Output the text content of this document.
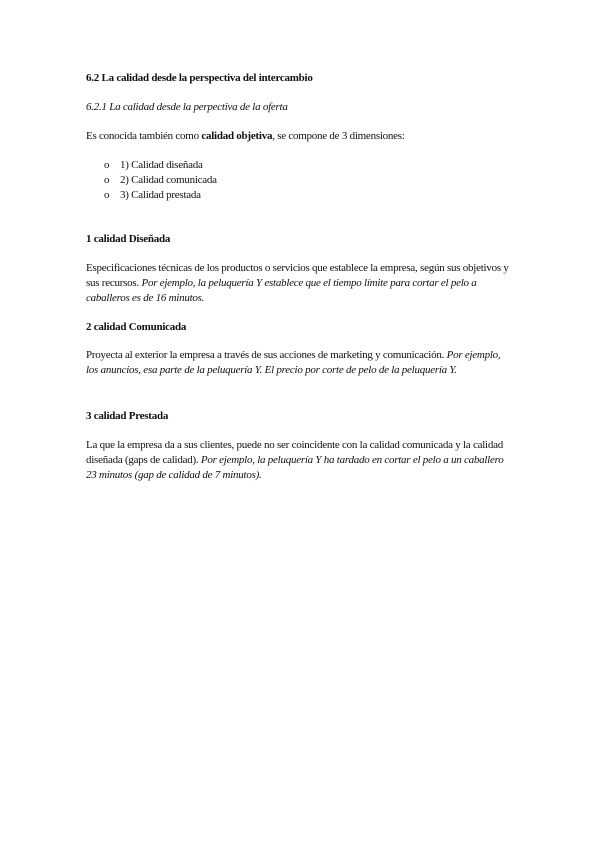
6.2 La calidad desde la perspectiva del intercambio
6.2.1 La calidad desde la perpectiva de la oferta
Es conocida también como calidad objetiva, se compone de 3 dimensiones:
o 1) Calidad diseñada
o 2) Calidad comunicada
o 3) Calidad prestada
1 calidad Diseñada
Especificaciones técnicas de los productos o servicios que establece la empresa, según sus objetivos y sus recursos. Por ejemplo, la peluquería Y establece que el tiempo límite para cortar el pelo a caballeros es de 16 minutos.
2 calidad Comunicada
Proyecta al exterior la empresa a través de sus acciones de marketing y comunicación. Por ejemplo, los anuncios, esa parte de la peluquería Y. El precio por corte de pelo de la peluquería Y.
3 calidad Prestada
La que la empresa da a sus clientes, puede no ser coincidente con la calidad comunicada y la calidad diseñada (gaps de calidad). Por ejemplo, la peluquería Y ha tardado en cortar el pelo a un caballero 23 minutos (gap de calidad de 7 minutos).
